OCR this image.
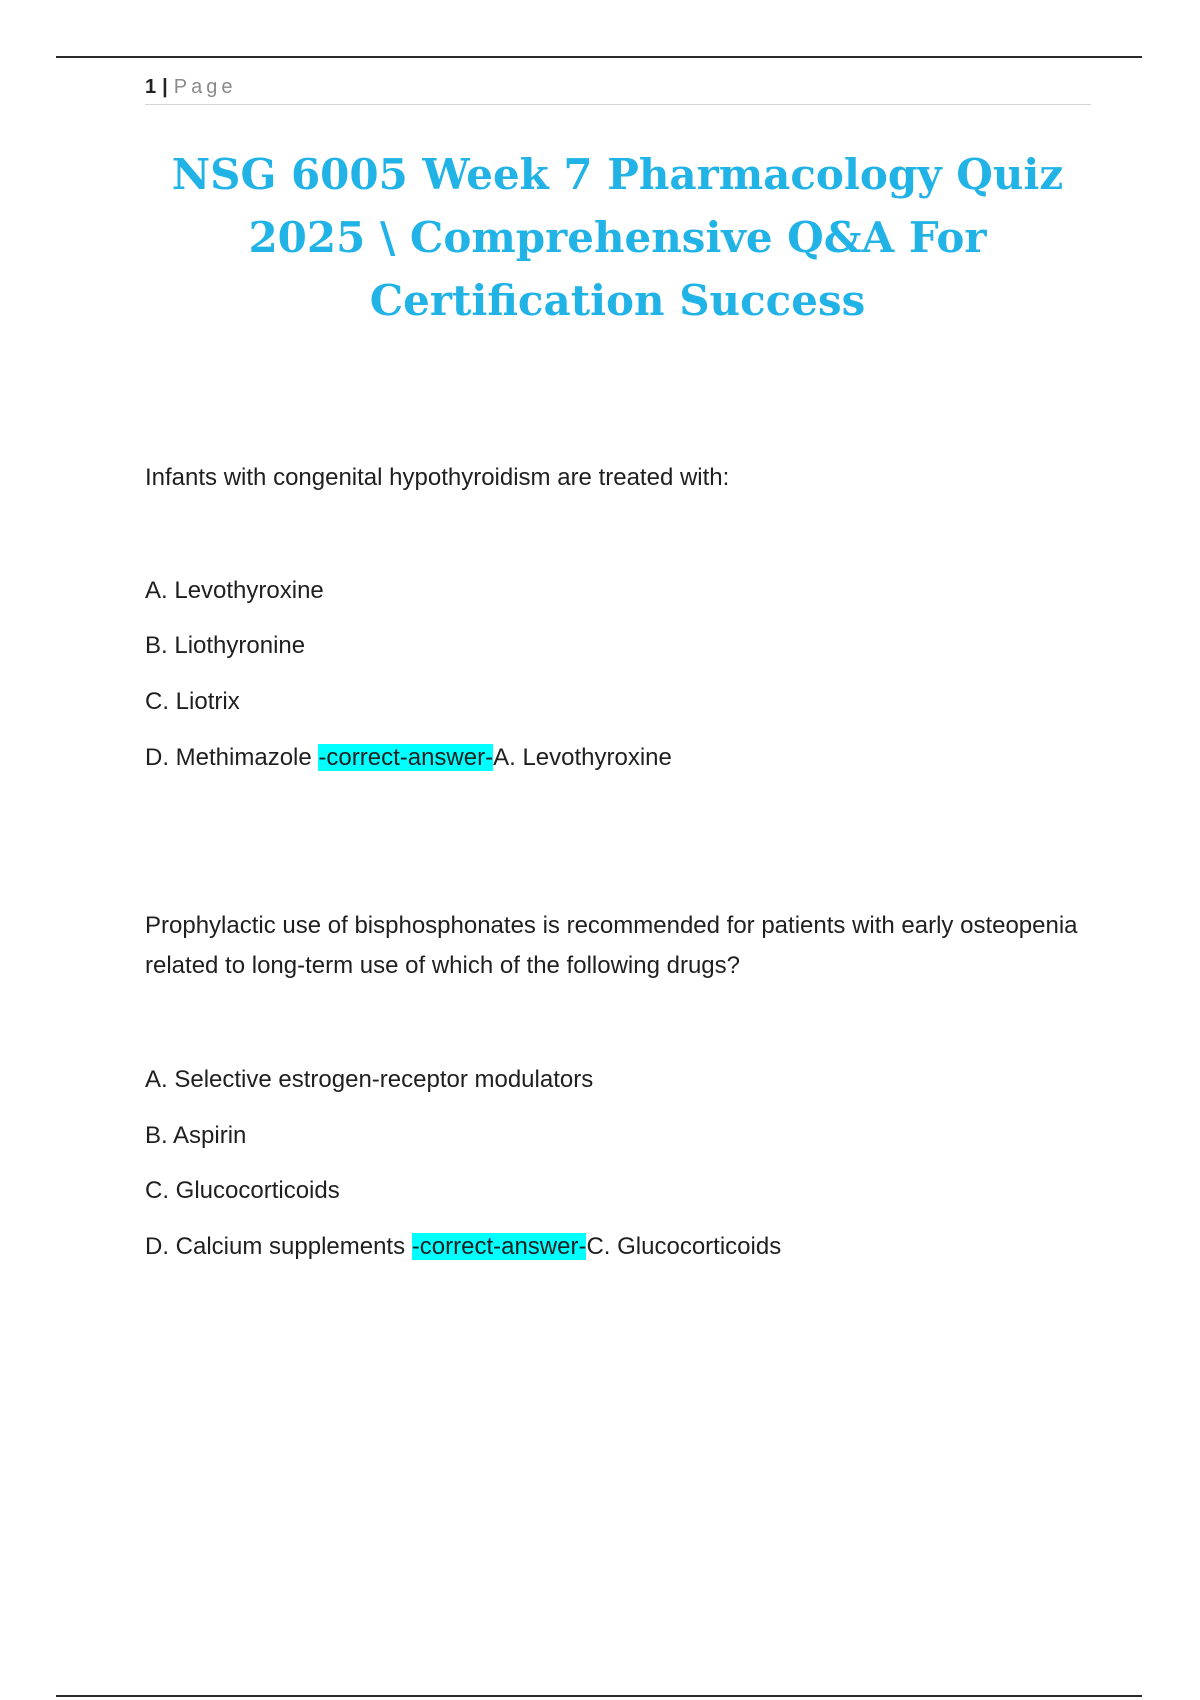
1 | Page
NSG 6005 Week 7 Pharmacology Quiz 2025 \ Comprehensive Q&A For Certification Success

Infants with congenital hypothyroidism are treated with:

A. Levothyroxine

B. Liothyronine

C. Liotrix

D. Methimazole -correct-answer-A. Levothyroxine

Prophylactic use of bisphosphonates is recommended for patients with early osteopenia related to long-term use of which of the following drugs?

A. Selective estrogen-receptor modulators

B. Aspirin

C. Glucocorticoids

D. Calcium supplements -correct-answer-C. Glucocorticoids
